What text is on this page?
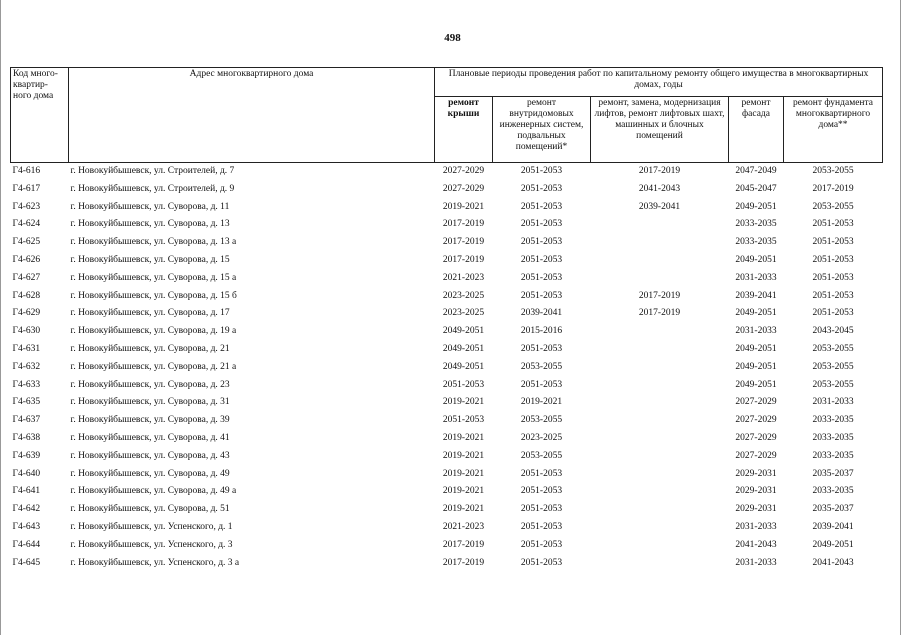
498
Код много-квартир-ного дома	Адрес многоквартирного дома	Плановые периоды проведения работ по капитальному ремонту общего имущества в многоквартирных домах, годы				
		ремонт крыши	ремонт внутридомовых инженерных систем, подвальных помещений*	ремонт, замена, модернизация лифтов, ремонт лифтовых шахт, машинных и блочных помещений	ремонт фасада	ремонт фундамента многоквартирного дома**
Г4-616	г. Новокуйбышевск, ул. Строителей, д. 7	2027-2029	2051-2053	2017-2019	2047-2049	2053-2055
Г4-617	г. Новокуйбышевск, ул. Строителей, д. 9	2027-2029	2051-2053	2041-2043	2045-2047	2017-2019
Г4-623	г. Новокуйбышевск, ул. Суворова, д. 11	2019-2021	2051-2053	2039-2041	2049-2051	2053-2055
Г4-624	г. Новокуйбышевск, ул. Суворова, д. 13	2017-2019	2051-2053		2033-2035	2051-2053
Г4-625	г. Новокуйбышевск, ул. Суворова, д. 13 а	2017-2019	2051-2053		2033-2035	2051-2053
Г4-626	г. Новокуйбышевск, ул. Суворова, д. 15	2017-2019	2051-2053		2049-2051	2051-2053
Г4-627	г. Новокуйбышевск, ул. Суворова, д. 15 а	2021-2023	2051-2053		2031-2033	2051-2053
Г4-628	г. Новокуйбышевск, ул. Суворова, д. 15 б	2023-2025	2051-2053	2017-2019	2039-2041	2051-2053
Г4-629	г. Новокуйбышевск, ул. Суворова, д. 17	2023-2025	2039-2041	2017-2019	2049-2051	2051-2053
Г4-630	г. Новокуйбышевск, ул. Суворова, д. 19 а	2049-2051	2015-2016		2031-2033	2043-2045
Г4-631	г. Новокуйбышевск, ул. Суворова, д. 21	2049-2051	2051-2053		2049-2051	2053-2055
Г4-632	г. Новокуйбышевск, ул. Суворова, д. 21 а	2049-2051	2053-2055		2049-2051	2053-2055
Г4-633	г. Новокуйбышевск, ул. Суворова, д. 23	2051-2053	2051-2053		2049-2051	2053-2055
Г4-635	г. Новокуйбышевск, ул. Суворова, д. 31	2019-2021	2019-2021		2027-2029	2031-2033
Г4-637	г. Новокуйбышевск, ул. Суворова, д. 39	2051-2053	2053-2055		2027-2029	2033-2035
Г4-638	г. Новокуйбышевск, ул. Суворова, д. 41	2019-2021	2023-2025		2027-2029	2033-2035
Г4-639	г. Новокуйбышевск, ул. Суворова, д. 43	2019-2021	2053-2055		2027-2029	2033-2035
Г4-640	г. Новокуйбышевск, ул. Суворова, д. 49	2019-2021	2051-2053		2029-2031	2035-2037
Г4-641	г. Новокуйбышевск, ул. Суворова, д. 49 а	2019-2021	2051-2053		2029-2031	2033-2035
Г4-642	г. Новокуйбышевск, ул. Суворова, д. 51	2019-2021	2051-2053		2029-2031	2035-2037
Г4-643	г. Новокуйбышевск, ул. Успенского, д. 1	2021-2023	2051-2053		2031-2033	2039-2041
Г4-644	г. Новокуйбышевск, ул. Успенского, д. 3	2017-2019	2051-2053		2041-2043	2049-2051
Г4-645	г. Новокуйбышевск, ул. Успенского, д. 3 а	2017-2019	2051-2053		2031-2033	2041-2043
